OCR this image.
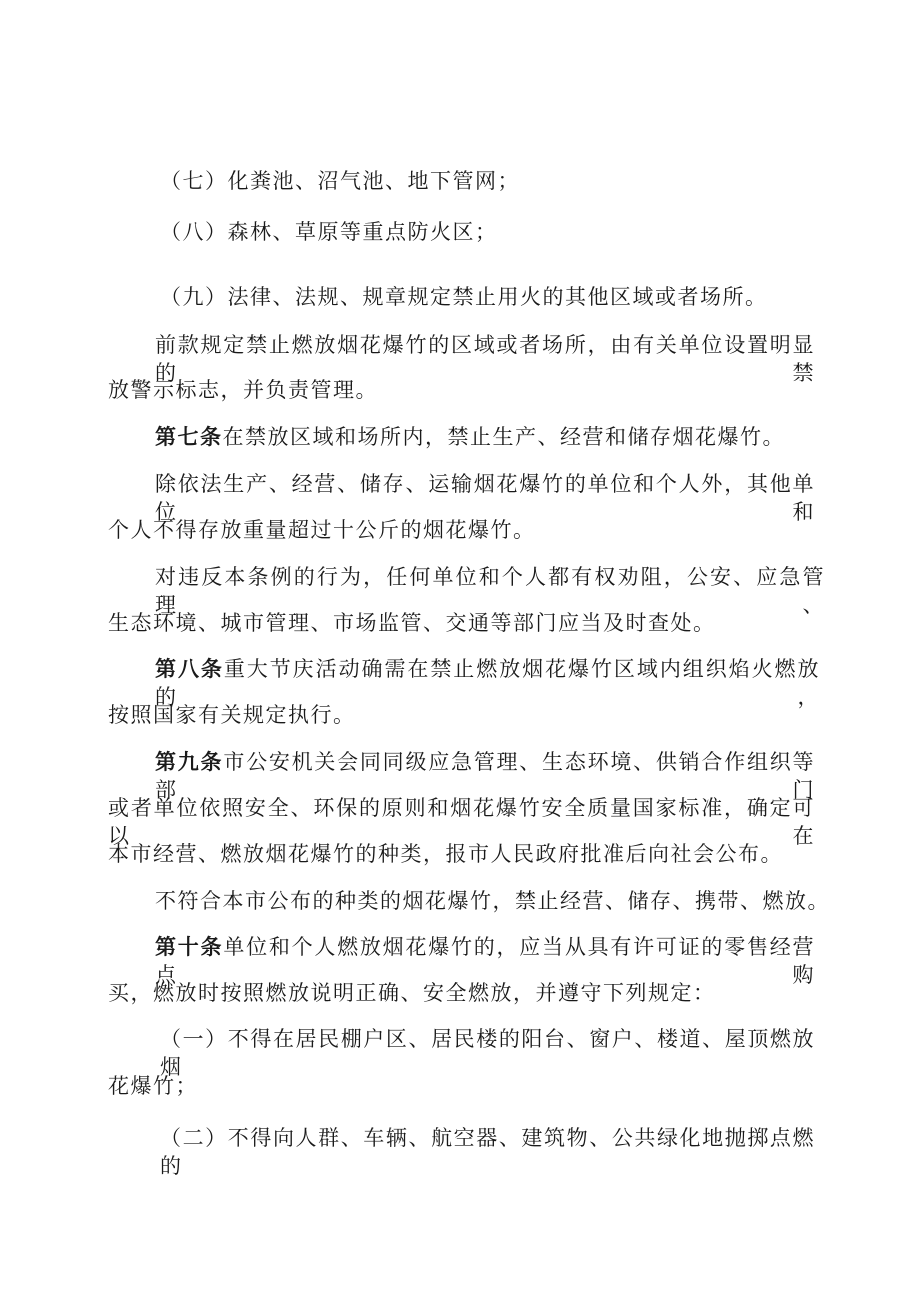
（七）化粪池、沼气池、地下管网；
（八）森林、草原等重点防火区；
（九）法律、法规、规章规定禁止用火的其他区域或者场所。
前款规定禁止燃放烟花爆竹的区域或者场所，由有关单位设置明显的禁
放警示标志，并负责管理。
第七条在禁放区域和场所内，禁止生产、经营和储存烟花爆竹。
除依法生产、经营、储存、运输烟花爆竹的单位和个人外，其他单位和
个人不得存放重量超过十公斤的烟花爆竹。
对违反本条例的行为，任何单位和个人都有权劝阻，公安、应急管理、
生态环境、城市管理、市场监管、交通等部门应当及时查处。
第八条重大节庆活动确需在禁止燃放烟花爆竹区域内组织焰火燃放的，
按照国家有关规定执行。
第九条市公安机关会同同级应急管理、生态环境、供销合作组织等部门
或者单位依照安全、环保的原则和烟花爆竹安全质量国家标准，确定可以在
本市经营、燃放烟花爆竹的种类，报市人民政府批准后向社会公布。
不符合本市公布的种类的烟花爆竹，禁止经营、储存、携带、燃放。
第十条单位和个人燃放烟花爆竹的，应当从具有许可证的零售经营点购
买，燃放时按照燃放说明正确、安全燃放，并遵守下列规定：
（一）不得在居民棚户区、居民楼的阳台、窗户、楼道、屋顶燃放烟
花爆竹；
（二）不得向人群、车辆、航空器、建筑物、公共绿化地抛掷点燃的
